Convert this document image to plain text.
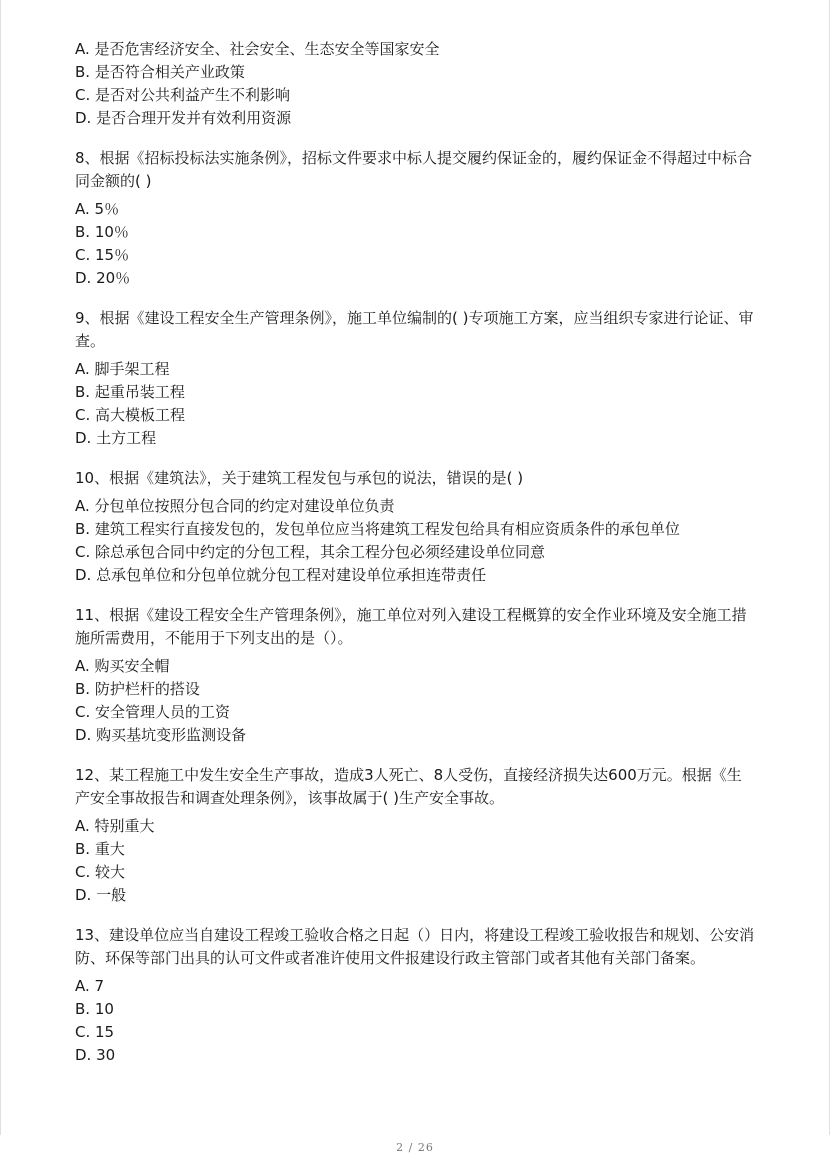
A. 是否危害经济安全、社会安全、生态安全等国家安全
B. 是否符合相关产业政策
C. 是否对公共利益产生不利影响
D. 是否合理开发并有效利用资源
8、根据《招标投标法实施条例》，招标文件要求中标人提交履约保证金的，履约保证金不得超过中标合同金额的( )
A. 5％
B. 10％
C. 15％
D. 20％
9、根据《建设工程安全生产管理条例》，施工单位编制的( )专项施工方案，应当组织专家进行论证、审查。
A. 脚手架工程
B. 起重吊装工程
C. 高大模板工程
D. 土方工程
10、根据《建筑法》，关于建筑工程发包与承包的说法，错误的是( )
A. 分包单位按照分包合同的约定对建设单位负责
B. 建筑工程实行直接发包的，发包单位应当将建筑工程发包给具有相应资质条件的承包单位
C. 除总承包合同中约定的分包工程，其余工程分包必须经建设单位同意
D. 总承包单位和分包单位就分包工程对建设单位承担连带责任
11、根据《建设工程安全生产管理条例》，施工单位对列入建设工程概算的安全作业环境及安全施工措施所需费用，不能用于下列支出的是（）。
A. 购买安全帽
B. 防护栏杆的搭设
C. 安全管理人员的工资
D. 购买基坑变形监测设备
12、某工程施工中发生安全生产事故，造成3人死亡、8人受伤，直接经济损失达600万元。根据《生产安全事故报告和调查处理条例》，该事故属于( )生产安全事故。
A. 特别重大
B. 重大
C. 较大
D. 一般
13、建设单位应当自建设工程竣工验收合格之日起（）日内，将建设工程竣工验收报告和规划、公安消防、环保等部门出具的认可文件或者准许使用文件报建设行政主管部门或者其他有关部门备案。
A. 7
B. 10
C. 15
D. 30
2 / 26
